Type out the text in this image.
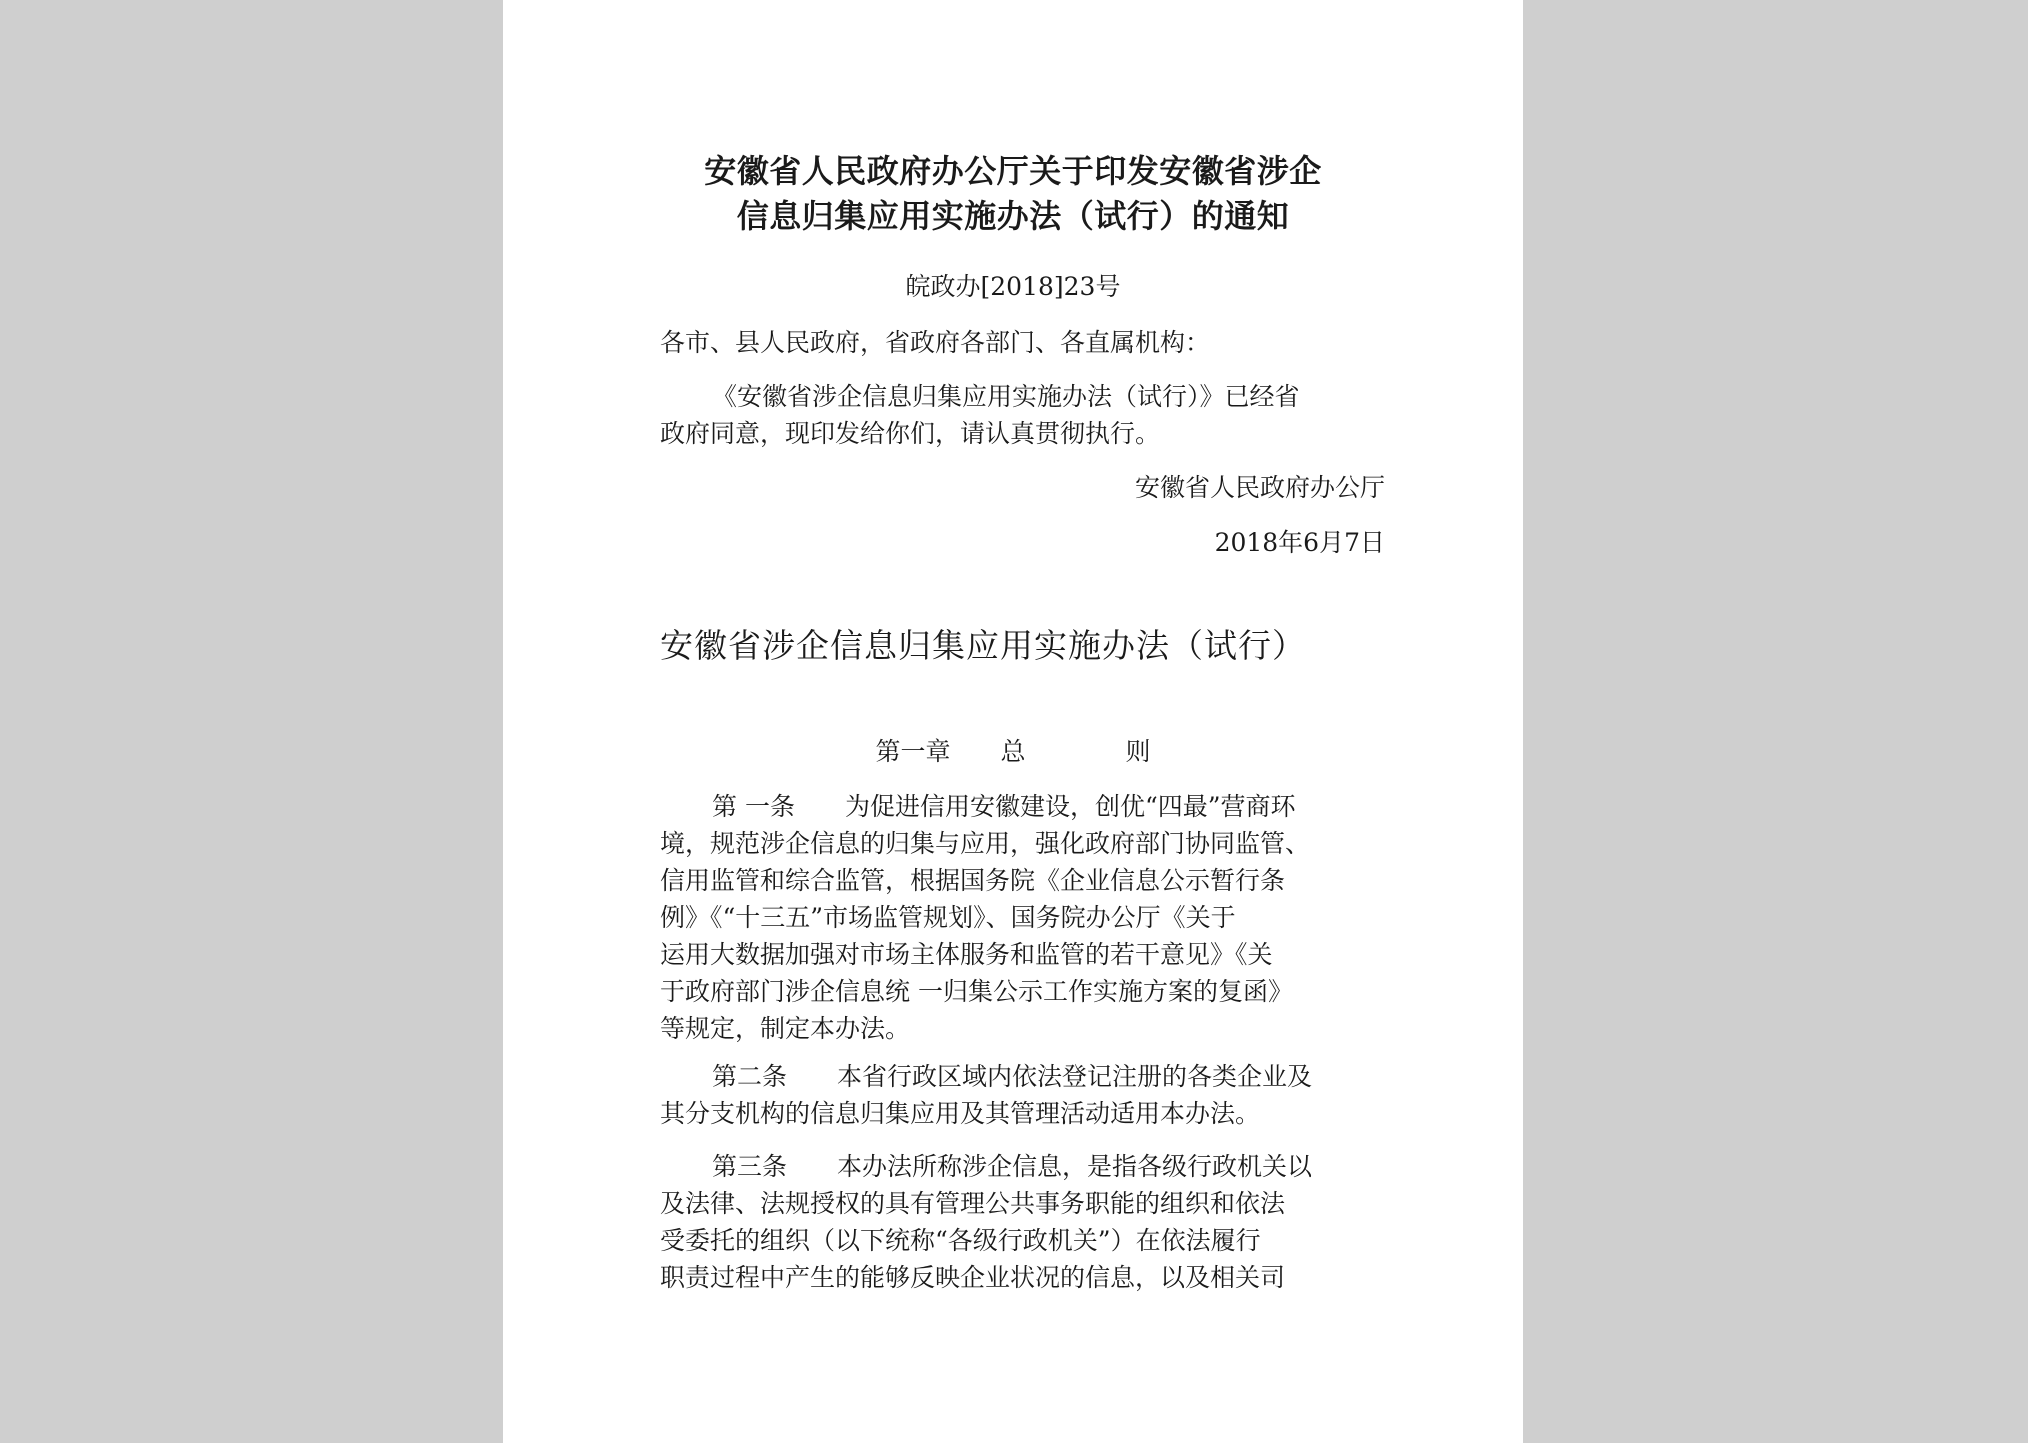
安徽省人民政府办公厅关于印发安徽省涉企
信息归集应用实施办法（试行）的通知
皖政办[2018]23号
各市、县人民政府，省政府各部门、各直属机构：
《安徽省涉企信息归集应用实施办法（试行）》已经省
政府同意，现印发给你们，请认真贯彻执行。
安徽省人民政府办公厅
2018年6月7日
安徽省涉企信息归集应用实施办法（试行）
第一章　　总　　　　则
第 一条　　为促进信用安徽建设，创优“四最”营商环
境，规范涉企信息的归集与应用，强化政府部门协同监管、
信用监管和综合监管，根据国务院《企业信息公示暂行条
例》《“十三五”市场监管规划》、国务院办公厅《关于
运用大数据加强对市场主体服务和监管的若干意见》《关
于政府部门涉企信息统 一归集公示工作实施方案的复函》
等规定，制定本办法。
第二条　　本省行政区域内依法登记注册的各类企业及
其分支机构的信息归集应用及其管理活动适用本办法。
第三条　　本办法所称涉企信息，是指各级行政机关以
及法律、法规授权的具有管理公共事务职能的组织和依法
受委托的组织（以下统称“各级行政机关”）在依法履行
职责过程中产生的能够反映企业状况的信息，以及相关司
